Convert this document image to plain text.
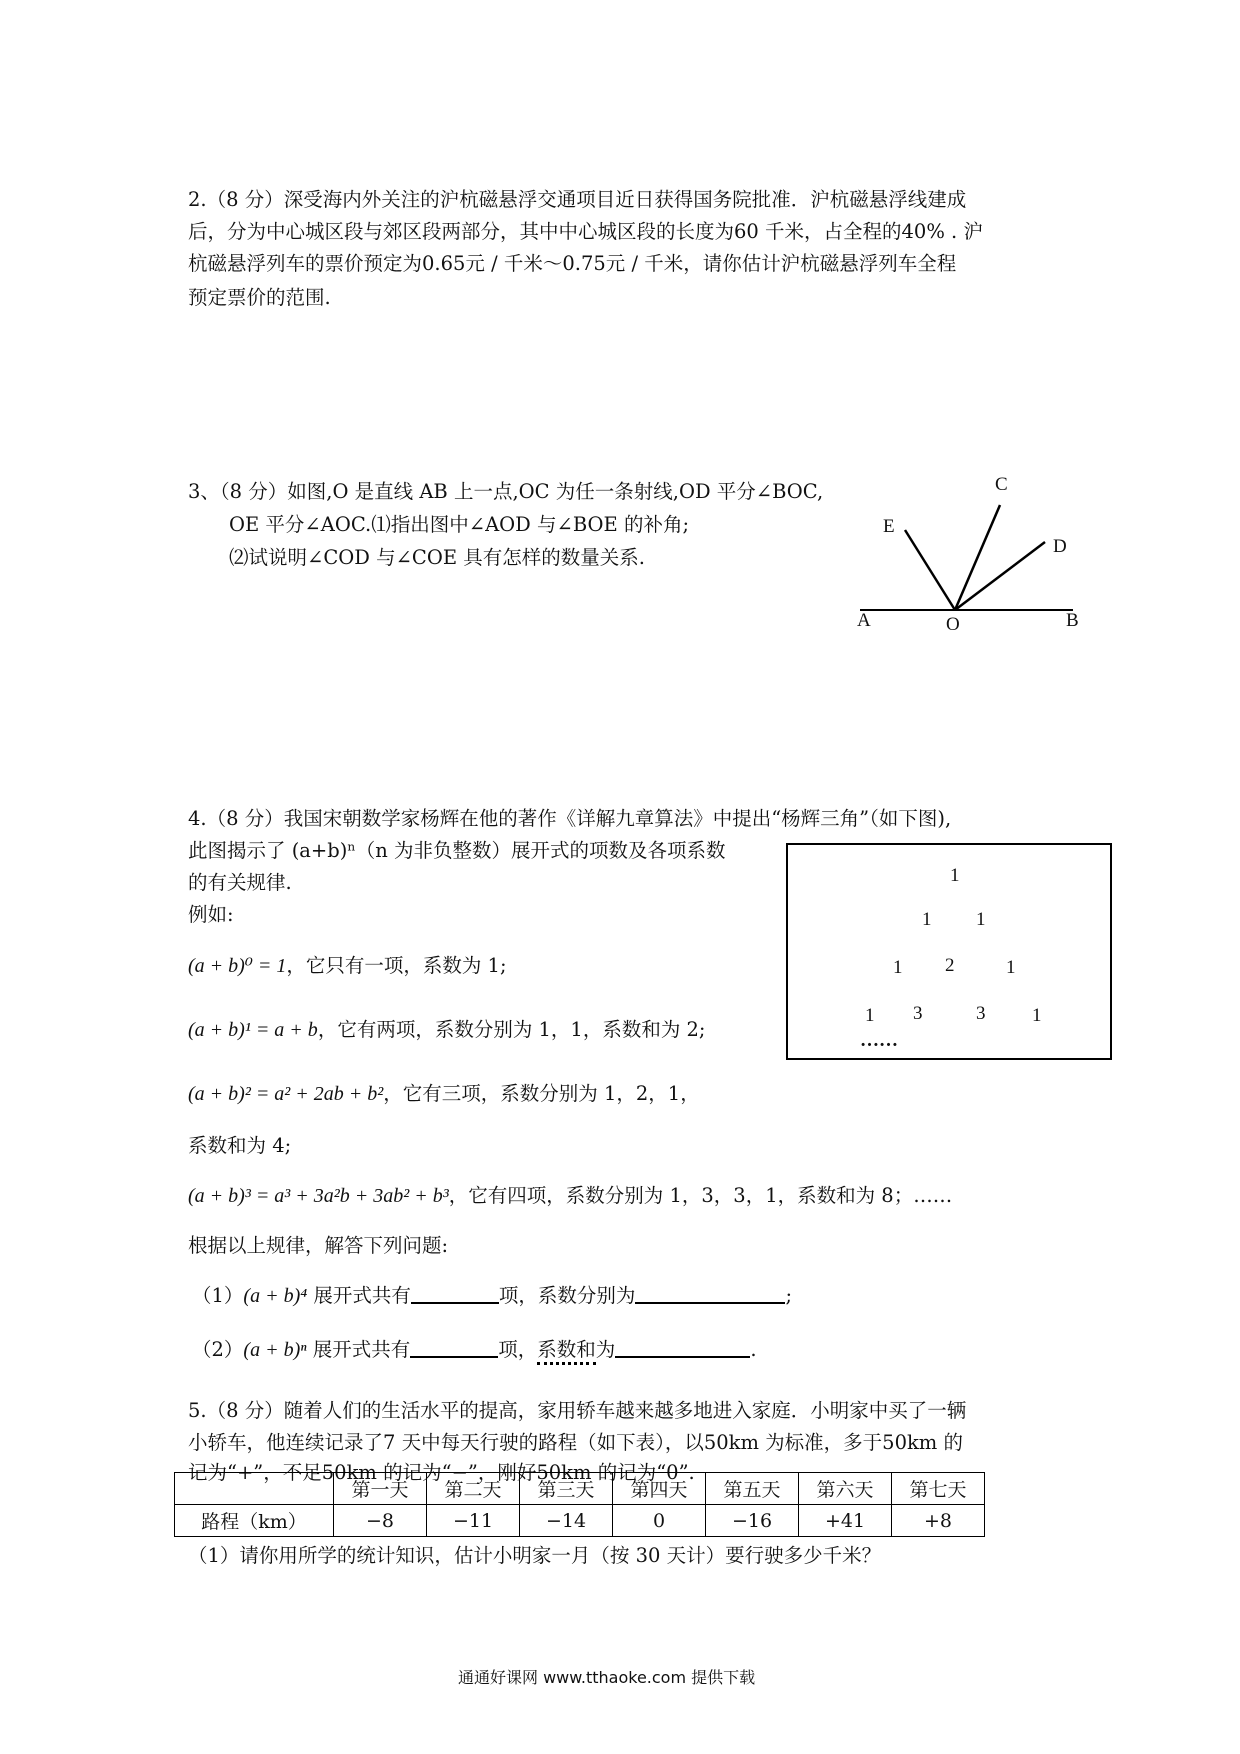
2.（8 分）深受海内外关注的沪杭磁悬浮交通项目近日获得国务院批准．沪杭磁悬浮线建成
后，分为中心城区段与郊区段两部分，其中中心城区段的长度为60 千米，占全程的40% . 沪
杭磁悬浮列车的票价预定为0.65元 / 千米～0.75元 / 千米，请你估计沪杭磁悬浮列车全程
预定票价的范围.
3、（8 分）如图,O 是直线 AB 上一点,OC 为任一条射线,OD 平分∠BOC,
OE 平分∠AOC.⑴指出图中∠AOD 与∠BOE 的补角;
⑵试说明∠COD 与∠COE 具有怎样的数量关系.
C
E
D
A	O	B
4.（8 分）我国宋朝数学家杨辉在他的著作《详解九章算法》中提出“杨辉三角”（如下图),
此图揭示了 (a+b)ⁿ（n 为非负整数）展开式的项数及各项系数
的有关规律.
例如:
(a + b)⁰ = 1，它只有一项，系数为 1;
(a + b)¹ = a + b，它有两项，系数分别为 1，1，系数和为 2;
(a + b)² = a² + 2ab + b²，它有三项，系数分别为 1，2，1，
系数和为 4;
(a + b)³ = a³ + 3a²b + 3ab² + b³，它有四项，系数分别为 1，3，3，1，系数和为 8；……
根据以上规律，解答下列问题:
（1）(a + b)⁴ 展开式共有	项，系数分别为	;
（2）(a + b)ⁿ 展开式共有	项，系数和为	.
1
1 1
1 2	1
1 3	3 1
……
5.（8 分）随着人们的生活水平的提高，家用轿车越来越多地进入家庭．小明家中买了一辆
小轿车，他连续记录了7 天中每天行驶的路程（如下表），以50km 为标准，多于50km 的
记为“+”，不足50km 的记为“−”，刚好50km 的记为“0”.
	第一天	第二天	第三天	第四天	第五天	第六天	第七天
路程（km）	−8	−11	−14	0	−16	+41	+8
（1）请你用所学的统计知识，估计小明家一月（按 30 天计）要行驶多少千米？
通通好课网 www.tthaoke.com 提供下载
